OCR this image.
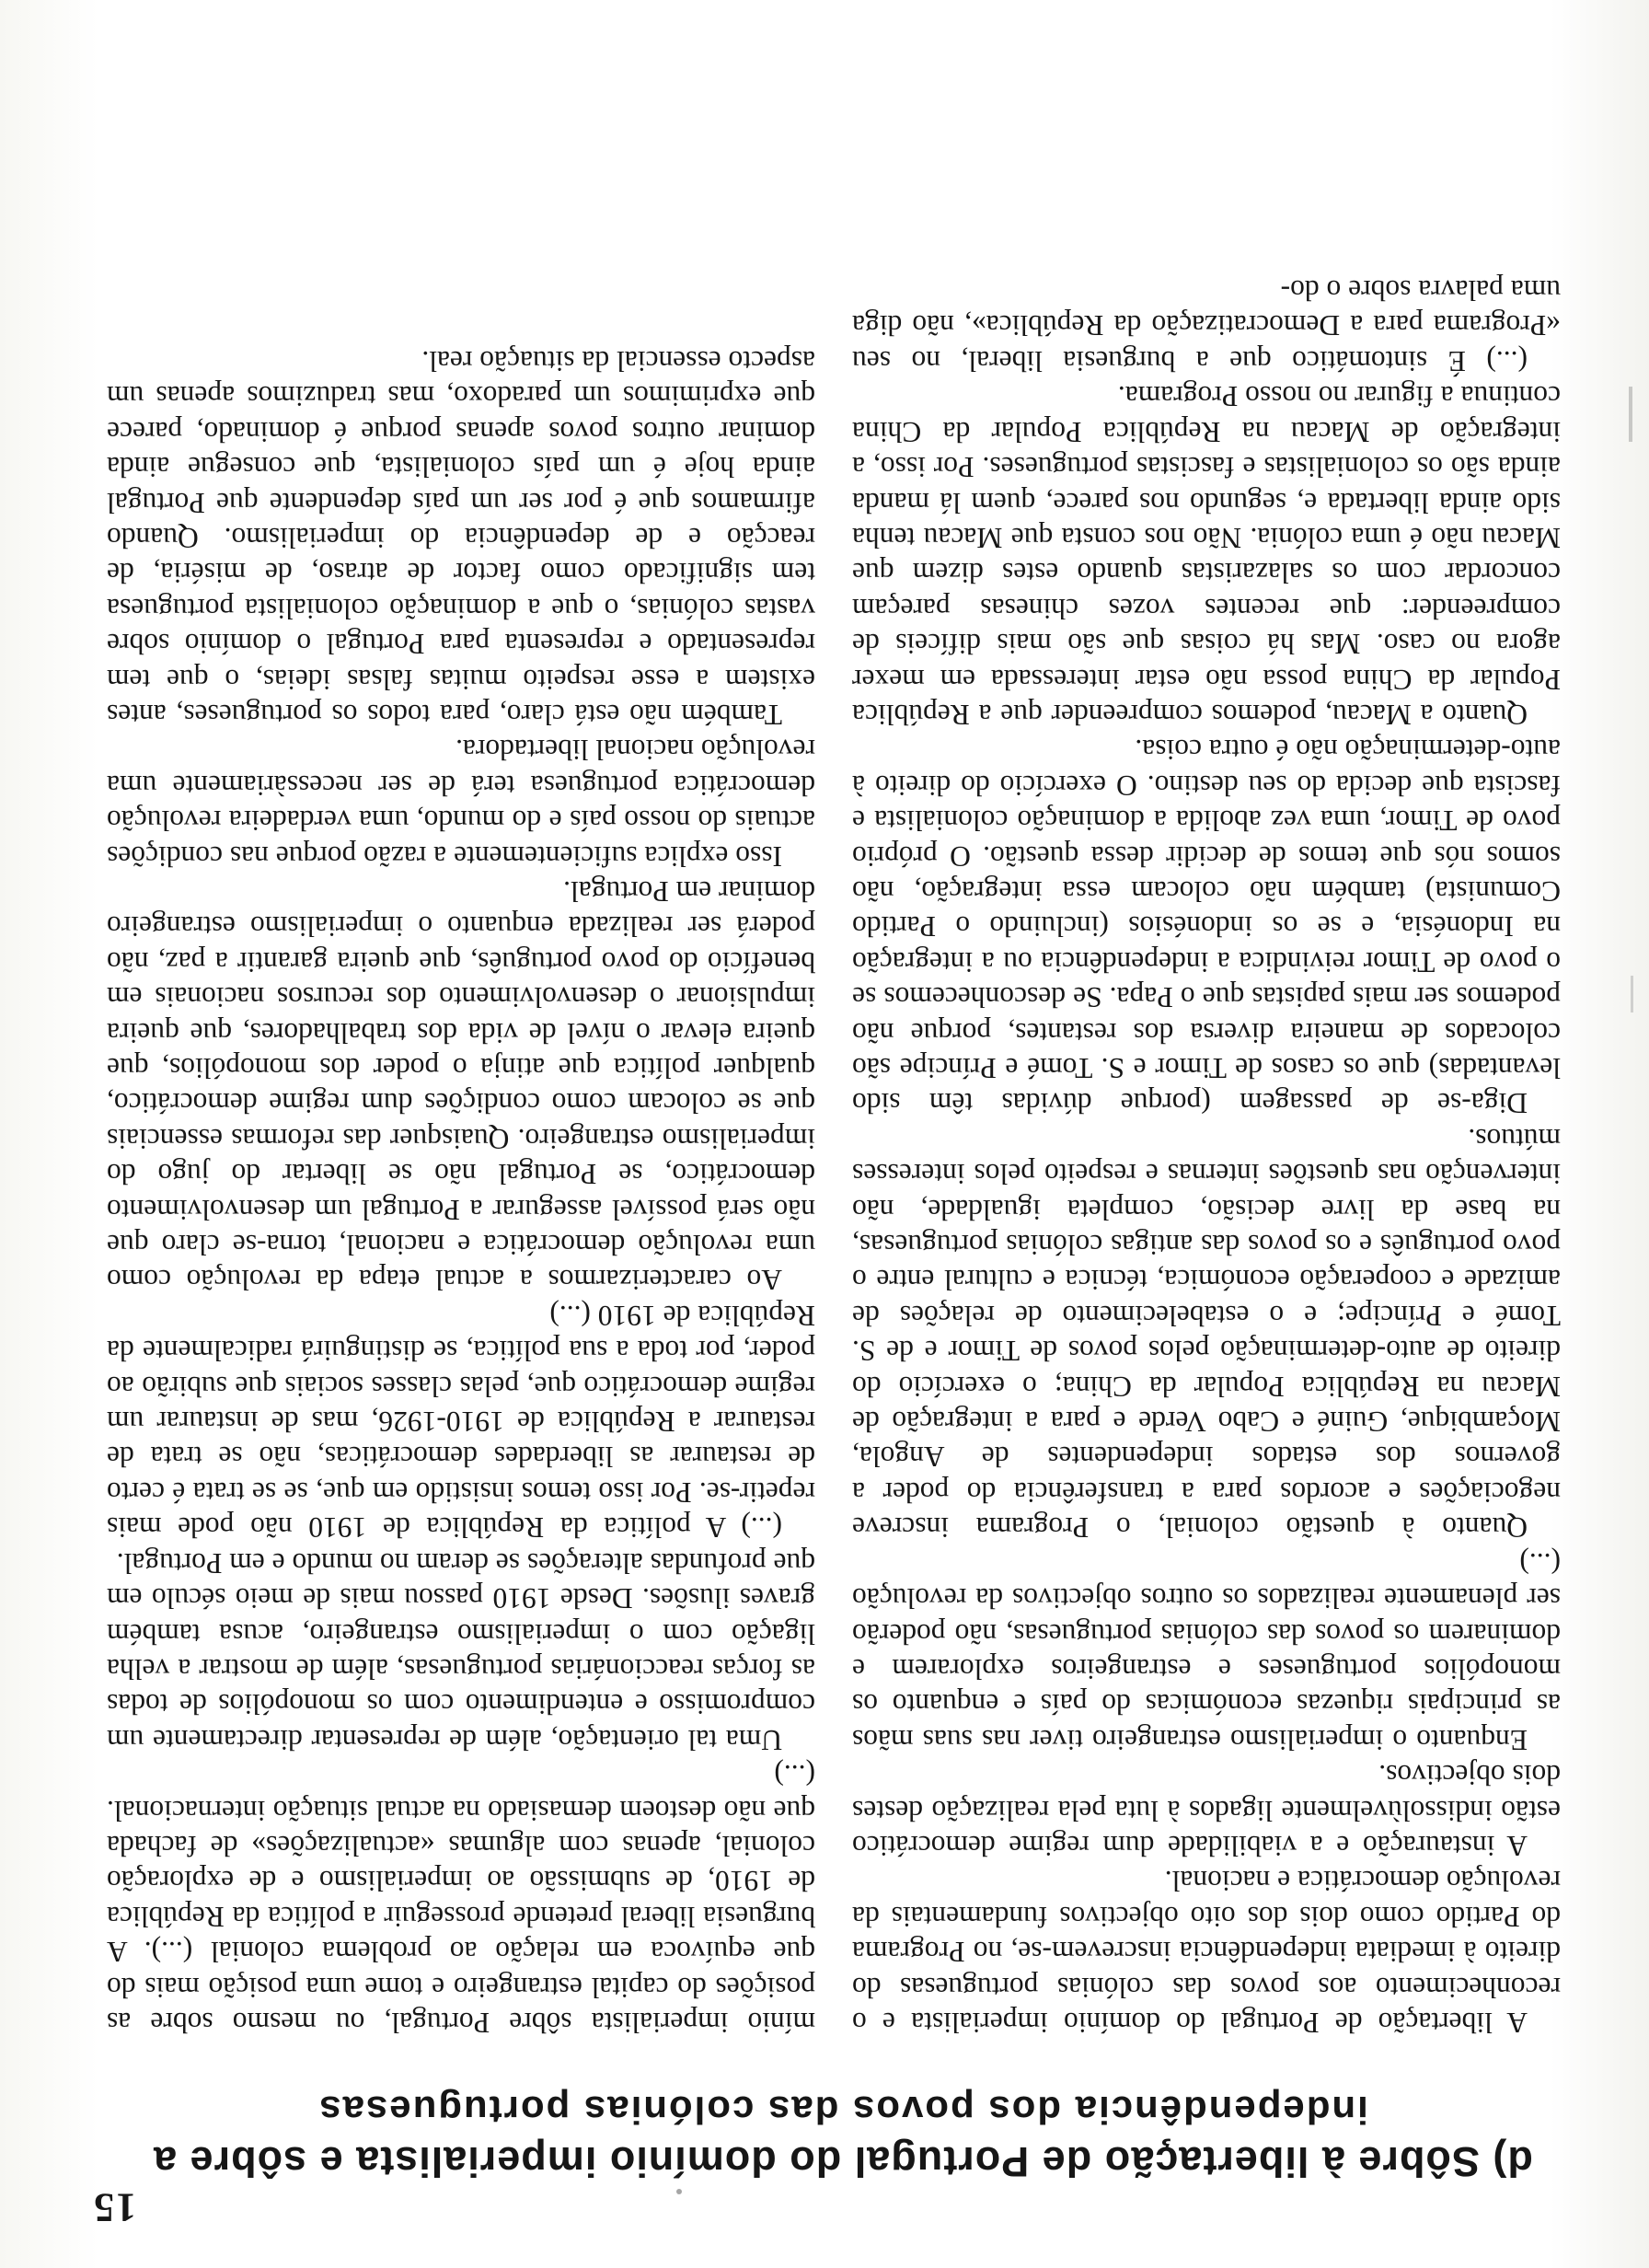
15
d) Sôbre à libertação de Portugal do domínio imperialista e sôbre a
independência dos povos das colónias portuguesas

A libertação de Portugal do domínio imperialista e o reconhecimento aos povos das colónias portuguesas do direito à imediata independência inscrevem-se, no Programa do Partido como dois dos oito objectivos fundamentais da revolução democrática e nacional.

A instauração e a viabilidade dum regime democrático estão indissolùvelmente ligados à luta pela realização destes dois objectivos.

Enquanto o imperialismo estrangeiro tiver nas suas mãos as principais riquezas económicas do país e enquanto os monopólios portugueses e estrangeiros explorarem e dominarem os povos das colónias portuguesas, não poderão ser plenamente realizados os outros objectivos da revolução (...)

Quanto à questão colonial, o Programa inscreve negociações e acordos para a transferência do poder a governos dos estados independentes de Angola, Moçambique, Guiné e Cabo Verde e para a integração de Macau na República Popular da China; o exercício do direito de auto-determinação pelos povos de Timor e de S. Tomé e Príncipe; e o estabelecimento de relações de amizade e cooperação económica, técnica e cultural entre o povo português e os povos das antigas colónias portuguesas, na base da livre decisão, completa igualdade, não intervenção nas questões internas e respeito pelos interesses mútuos.

Diga-se de passagem (porque dúvidas têm sido levantadas) que os casos de Timor e S. Tomé e Príncipe são colocados de maneira diversa dos restantes, porque não podemos ser mais papistas que o Papa. Se desconhecemos se o povo de Timor reivindica a independência ou a integração na Indonésia, e se os indonésios (incluindo o Partido Comunista) também não colocam essa integração, não somos nós que temos de decidir dessa questão. O próprio povo de Timor, uma vez abolida a dominação colonialista e fascista que decida do seu destino. O exercício do direito à auto-determinação não é outra coisa.

Quanto a Macau, podemos compreender que a República Popular da China possa não estar interessada em mexer agora no caso. Mas há coisas que são mais difíceis de compreender: que recentes vozes chinesas pareçam concordar com os salazaristas quando estes dizem que Macau não é uma colónia. Não nos consta que Macau tenha sido ainda libertada e, segundo nos parece, quem lá manda ainda são os colonialistas e fascistas portugueses. Por isso, a integração de Macau na República Popular da China continua a figurar no nosso Programa.

(...) É sintomático que a burguesia liberal, no seu «Programa para a Democratização da República», não diga uma palavra sobre o do-

mínio imperialista sôbre Portugal, ou mesmo sobre as posições do capital estrangeiro e tome uma posição mais do que equívoca em relação ao problema colonial (...). A burguesia liberal pretende prosseguir a política da República de 1910, de submissão ao imperialismo e de exploração colonial, apenas com algumas «actualizações» de fachada que não destoem demasiado na actual situação internacional. (...)

Uma tal orientação, além de representar directamente um compromisso e entendimento com os monopólios de todas as forças reaccionárias portuguesas, além de mostrar a velha ligação com o imperialismo estrangeiro, acusa também graves ilusões. Desde 1910 passou mais de meio século em que profundas alterações se deram no mundo e em Portugal.

(...) A política da República de 1910 não pode mais repetir-se. Por isso temos insistido em que, se se trata é certo de restaurar as liberdades democráticas, não se trata de restaurar a República de 1910-1926, mas de instaurar um regime democrático que, pelas classes sociais que subirão ao poder, por toda a sua política, se distinguirá radicalmente da República de 1910 (...)

Ao caracterizarmos a actual etapa da revolução como uma revolução democrática e nacional, torna-se claro que não será possível assegurar a Portugal um desenvolvimento democrático, se Portugal não se libertar do jugo do imperialismo estrangeiro. Quaisquer das reformas essenciais que se colocam como condições dum regime democrático, qualquer política que atinja o poder dos monopólios, que queira elevar o nível de vida dos trabalhadores, que queira impulsionar o desenvolvimento dos recursos nacionais em benefício do povo português, que queira garantir a paz, não poderá ser realizada enquanto o imperialismo estrangeiro dominar em Portugal.

Isso explica suficientemente a razão porque nas condições actuais do nosso país e do mundo, uma verdadeira revolução democrática portuguesa terá de ser necessàriamente uma revolução nacional libertadora.

Também não está claro, para todos os portugueses, antes existem a esse respeito muitas falsas ideias, o que tem representado e representa para Portugal o domínio sobre vastas colónias, o que a dominação colonialista portuguesa tem significado como factor de atraso, de miséria, de reacção e de dependência do imperialismo. Quando afirmamos que é por ser um país dependente que Portugal ainda hoje é um país colonialista, que consegue ainda dominar outros povos apenas porque é dominado, parece que exprimimos um paradoxo, mas traduzimos apenas um aspecto essencial da situação real.
